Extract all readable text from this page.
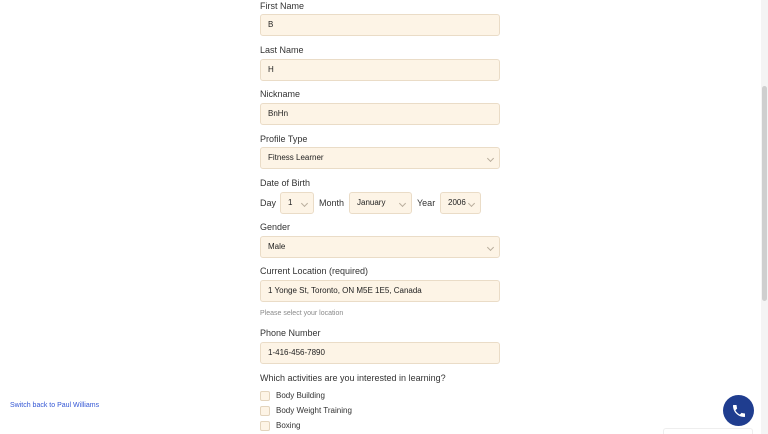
First Name
B
Last Name
H
Nickname
BnHn
Profile Type
Fitness Learner
Date of Birth
Day	1	Month	January	Year	2006
Gender
Male
Current Location (required)
1 Yonge St, Toronto, ON M5E 1E5, Canada
Please select your location
Phone Number
1-416-456-7890
Which activities are you interested in learning?
Body Building
Body Weight Training
Boxing
Switch back to Paul Williams
